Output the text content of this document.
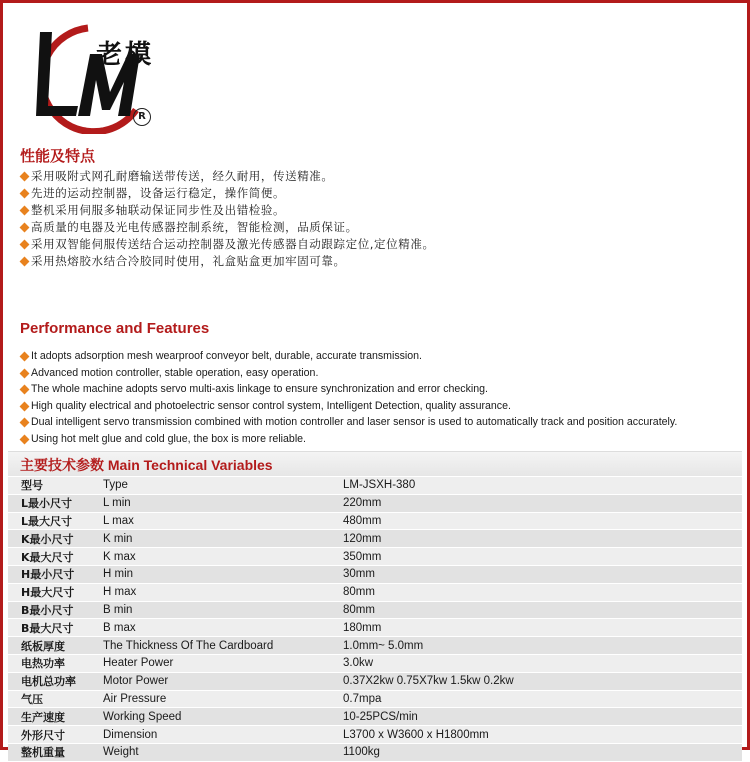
老模
R
性能及特点
采用吸附式网孔耐磨输送带传送，经久耐用，传送精准。
先进的运动控制器，设备运行稳定，操作简便。
整机采用伺服多轴联动保证同步性及出错检验。
高质量的电器及光电传感器控制系统，智能检测，品质保证。
采用双智能伺服传送结合运动控制器及激光传感器自动跟踪定位,定位精准。
采用热熔胶水结合冷胶同时使用，礼盒贴盒更加牢固可靠。
Performance and Features
It adopts adsorption mesh wearproof conveyor belt, durable, accurate transmission.
Advanced motion controller, stable operation, easy operation.
The whole machine adopts servo multi-axis linkage to ensure synchronization and error checking.
High quality electrical and photoelectric sensor control system, Intelligent Detection, quality assurance.
Dual intelligent servo transmission combined with motion controller and laser sensor is used to automatically track and position accurately.
Using hot melt glue and cold glue, the box is more reliable.
主要技术参数 Main Technical Variables
型号	Type	LM-JSXH-380
L最小尺寸	L min	220mm
L最大尺寸	L max	480mm
K最小尺寸	K min	120mm
K最大尺寸	K max	350mm
H最小尺寸	H min	30mm
H最大尺寸	H max	80mm
B最小尺寸	B min	80mm
B最大尺寸	B max	180mm
纸板厚度	The Thickness Of The Cardboard	1.0mm~ 5.0mm
电热功率	Heater Power	3.0kw
电机总功率	Motor Power	0.37X2kw 0.75X7kw 1.5kw 0.2kw
气压	Air Pressure	0.7mpa
生产速度	Working Speed	10-25PCS/min
外形尺寸	Dimension	L3700 x W3600 x H1800mm
整机重量	Weight	1100kg
